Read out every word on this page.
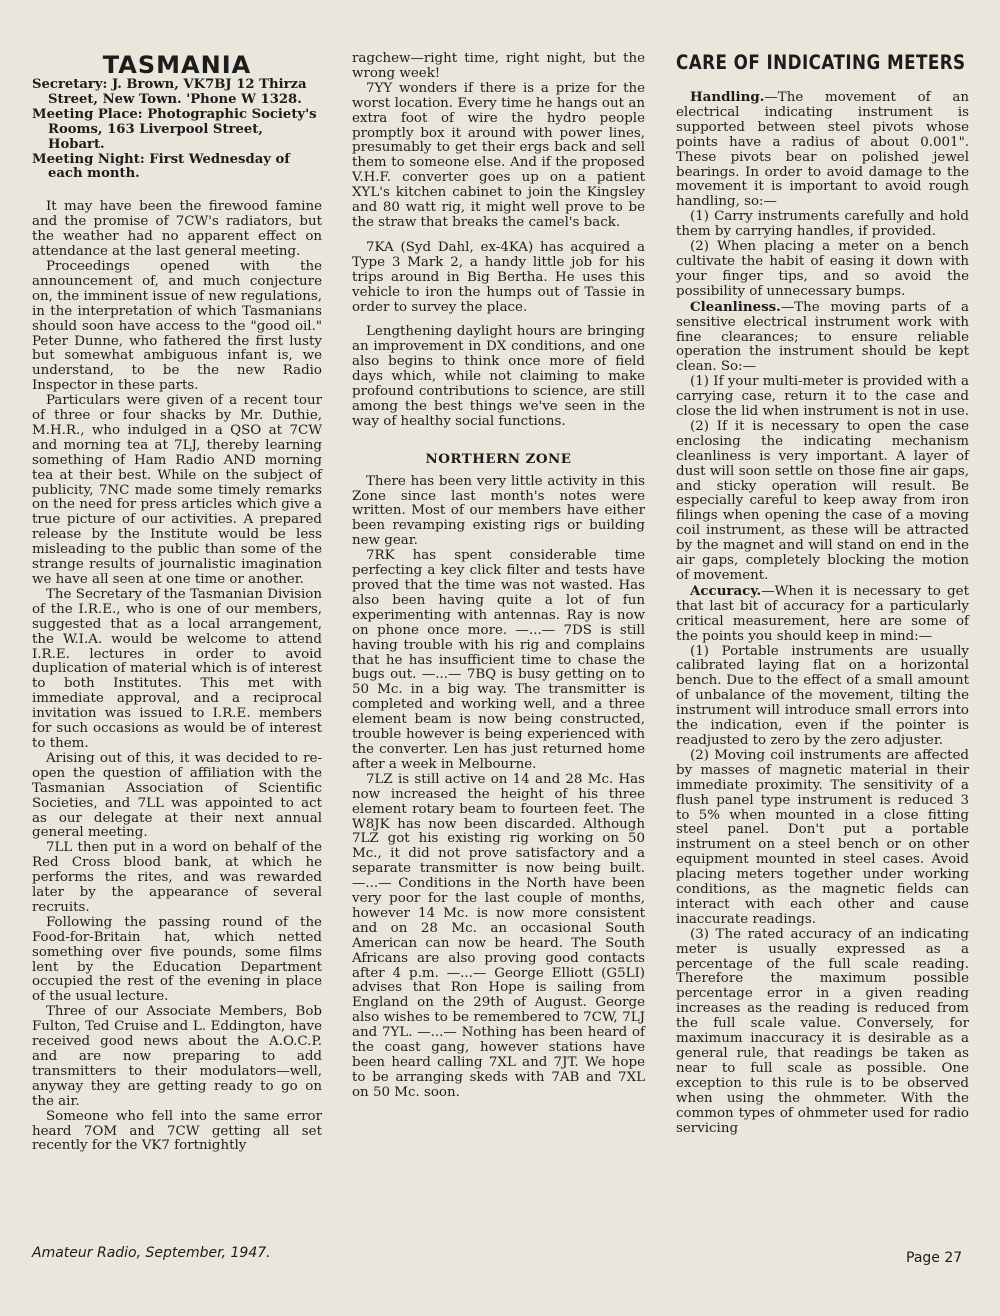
TASMANIA
Secretary: J. Brown, VK7BJ 12 Thirza Street, New Town. 'Phone W 1328.
Meeting Place: Photographic Society's Rooms, 163 Liverpool Street, Hobart.
Meeting Night: First Wednesday of each month.

It may have been the firewood famine and the promise of 7CW's radiators, but the weather had no apparent effect on attendance at the last general meeting.

Proceedings opened with the announcement of, and much conjecture on, the imminent issue of new regulations, in the interpretation of which Tasmanians should soon have access to the "good oil." Peter Dunne, who fathered the first lusty but somewhat ambiguous infant is, we understand, to be the new Radio Inspector in these parts.

Particulars were given of a recent tour of three or four shacks by Mr. Duthie, M.H.R., who indulged in a QSO at 7CW and morning tea at 7LJ, thereby learning something of Ham Radio AND morning tea at their best. While on the subject of publicity, 7NC made some timely remarks on the need for press articles which give a true picture of our activities. A prepared release by the Institute would be less misleading to the public than some of the strange results of journalistic imagination we have all seen at one time or another.

The Secretary of the Tasmanian Division of the I.R.E., who is one of our members, suggested that as a local arrangement, the W.I.A. would be welcome to attend I.R.E. lectures in order to avoid duplication of material which is of interest to both Institutes. This met with immediate approval, and a reciprocal invitation was issued to I.R.E. members for such occasions as would be of interest to them.

Arising out of this, it was decided to re-open the question of affiliation with the Tasmanian Association of Scientific Societies, and 7LL was appointed to act as our delegate at their next annual general meeting.

7LL then put in a word on behalf of the Red Cross blood bank, at which he performs the rites, and was rewarded later by the appearance of several recruits.

Following the passing round of the Food-for-Britain hat, which netted something over five pounds, some films lent by the Education Department occupied the rest of the evening in place of the usual lecture.

Three of our Associate Members, Bob Fulton, Ted Cruise and L. Eddington, have received good news about the A.O.C.P. and are now preparing to add transmitters to their modulators—well, anyway they are getting ready to go on the air.

Someone who fell into the same error heard 7OM and 7CW getting all set recently for the VK7 fortnightly

ragchew—right time, right night, but the wrong week!

7YY wonders if there is a prize for the worst location. Every time he hangs out an extra foot of wire the hydro people promptly box it around with power lines, presumably to get their ergs back and sell them to someone else. And if the proposed V.H.F. converter goes up on a patient XYL's kitchen cabinet to join the Kingsley and 80 watt rig, it might well prove to be the straw that breaks the camel's back.

7KA (Syd Dahl, ex-4KA) has acquired a Type 3 Mark 2, a handy little job for his trips around in Big Bertha. He uses this vehicle to iron the humps out of Tassie in order to survey the place.

Lengthening daylight hours are bringing an improvement in DX conditions, and one also begins to think once more of field days which, while not claiming to make profound contributions to science, are still among the best things we've seen in the way of healthy social functions.

NORTHERN ZONE

There has been very little activity in this Zone since last month's notes were written. Most of our members have either been revamping existing rigs or building new gear.

7RK has spent considerable time perfecting a key click filter and tests have proved that the time was not wasted. Has also been having quite a lot of fun experimenting with antennas. Ray is now on phone once more. —...— 7DS is still having trouble with his rig and complains that he has insufficient time to chase the bugs out. —...— 7BQ is busy getting on to 50 Mc. in a big way. The transmitter is completed and working well, and a three element beam is now being constructed, trouble however is being experienced with the converter. Len has just returned home after a week in Melbourne.

7LZ is still active on 14 and 28 Mc. Has now increased the height of his three element rotary beam to fourteen feet. The W8JK has now been discarded. Although 7LZ got his existing rig working on 50 Mc., it did not prove satisfactory and a separate transmitter is now being built. —...— Conditions in the North have been very poor for the last couple of months, however 14 Mc. is now more consistent and on 28 Mc. an occasional South American can now be heard. The South Africans are also proving good contacts after 4 p.m. —...— George Elliott (G5LI) advises that Ron Hope is sailing from England on the 29th of August. George also wishes to be remembered to 7CW, 7LJ and 7YL. —...— Nothing has been heard of the coast gang, however stations have been heard calling 7XL and 7JT. We hope to be arranging skeds with 7AB and 7XL on 50 Mc. soon.

CARE OF INDICATING METERS

Handling.—The movement of an electrical indicating instrument is supported between steel pivots whose points have a radius of about 0.001". These pivots bear on polished jewel bearings. In order to avoid damage to the movement it is important to avoid rough handling, so:—

(1) Carry instruments carefully and hold them by carrying handles, if provided.

(2) When placing a meter on a bench cultivate the habit of easing it down with your finger tips, and so avoid the possibility of unnecessary bumps.

Cleanliness.—The moving parts of a sensitive electrical instrument work with fine clearances; to ensure reliable operation the instrument should be kept clean. So:—

(1) If your multi-meter is provided with a carrying case, return it to the case and close the lid when instrument is not in use.

(2) If it is necessary to open the case enclosing the indicating mechanism cleanliness is very important. A layer of dust will soon settle on those fine air gaps, and sticky operation will result. Be especially careful to keep away from iron filings when opening the case of a moving coil instrument, as these will be attracted by the magnet and will stand on end in the air gaps, completely blocking the motion of movement.

Accuracy.—When it is necessary to get that last bit of accuracy for a particularly critical measurement, here are some of the points you should keep in mind:—

(1) Portable instruments are usually calibrated laying flat on a horizontal bench. Due to the effect of a small amount of unbalance of the movement, tilting the instrument will introduce small errors into the indication, even if the pointer is readjusted to zero by the zero adjuster.

(2) Moving coil instruments are affected by masses of magnetic material in their immediate proximity. The sensitivity of a flush panel type instrument is reduced 3 to 5% when mounted in a close fitting steel panel. Don't put a portable instrument on a steel bench or on other equipment mounted in steel cases. Avoid placing meters together under working conditions, as the magnetic fields can interact with each other and cause inaccurate readings.

(3) The rated accuracy of an indicating meter is usually expressed as a percentage of the full scale reading. Therefore the maximum possible percentage error in a given reading increases as the reading is reduced from the full scale value. Conversely, for maximum inaccuracy it is desirable as a general rule, that readings be taken as near to full scale as possible. One exception to this rule is to be observed when using the ohmmeter. With the common types of ohmmeter used for radio servicing

Amateur Radio, September, 1947.	Page 27
